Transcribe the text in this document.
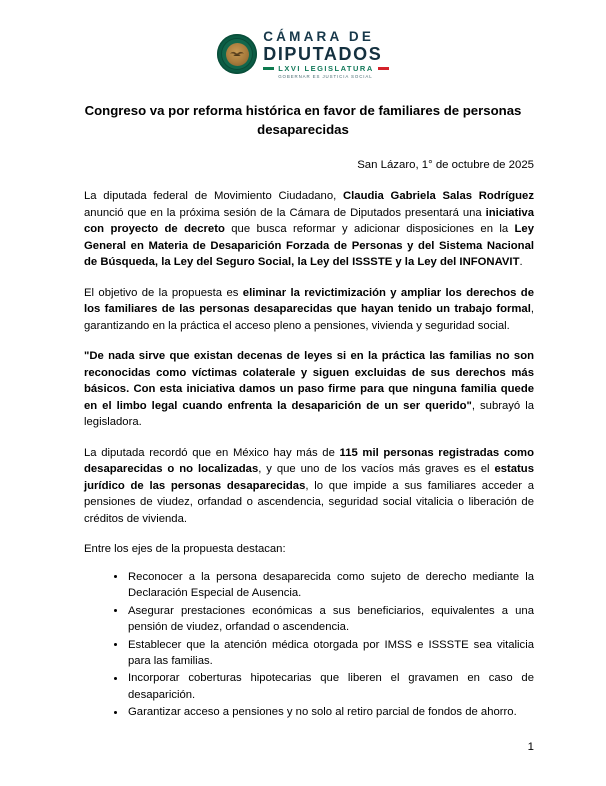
CÁMARA DE
DIPUTADOS
LXVI LEGISLATURA
GOBERNAR ES JUSTICIA SOCIAL
Congreso va por reforma histórica en favor de familiares de personas desaparecidas
San Lázaro, 1° de octubre de 2025

La diputada federal de Movimiento Ciudadano, Claudia Gabriela Salas Rodríguez anunció que en la próxima sesión de la Cámara de Diputados presentará una iniciativa con proyecto de decreto que busca reformar y adicionar disposiciones en la Ley General en Materia de Desaparición Forzada de Personas y del Sistema Nacional de Búsqueda, la Ley del Seguro Social, la Ley del ISSSTE y la Ley del INFONAVIT.

El objetivo de la propuesta es eliminar la revictimización y ampliar los derechos de los familiares de las personas desaparecidas que hayan tenido un trabajo formal, garantizando en la práctica el acceso pleno a pensiones, vivienda y seguridad social.

"De nada sirve que existan decenas de leyes si en la práctica las familias no son reconocidas como víctimas colaterale y siguen excluidas de sus derechos más básicos. Con esta iniciativa damos un paso firme para que ninguna familia quede en el limbo legal cuando enfrenta la desaparición de un ser querido", subrayó la legisladora.

La diputada recordó que en México hay más de 115 mil personas registradas como desaparecidas o no localizadas, y que uno de los vacíos más graves es el estatus jurídico de las personas desaparecidas, lo que impide a sus familiares acceder a pensiones de viudez, orfandad o ascendencia, seguridad social vitalicia o liberación de créditos de vivienda.

Entre los ejes de la propuesta destacan:

Reconocer a la persona desaparecida como sujeto de derecho mediante la Declaración Especial de Ausencia.
Asegurar prestaciones económicas a sus beneficiarios, equivalentes a una pensión de viudez, orfandad o ascendencia.
Establecer que la atención médica otorgada por IMSS e ISSSTE sea vitalicia para las familias.
Incorporar coberturas hipotecarias que liberen el gravamen en caso de desaparición.
Garantizar acceso a pensiones y no solo al retiro parcial de fondos de ahorro.
1
